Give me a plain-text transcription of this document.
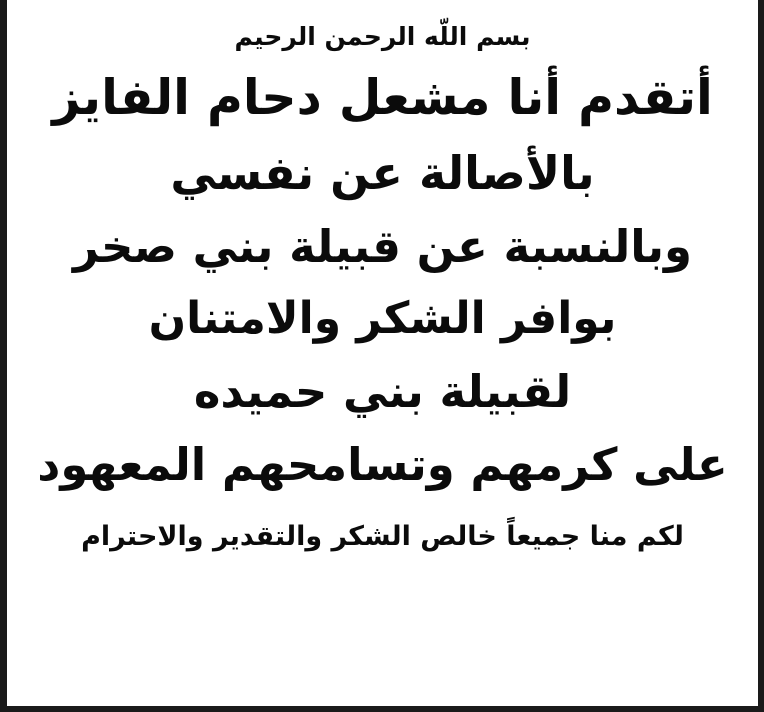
بسم اللّه الرحمن الرحيم
أتقدم أنا مشعل دحام الفايز
بالأصالة عن نفسي
وبالنسبة عن قبيلة بني صخر
بوافر الشكر والامتنان
لقبيلة بني حميده
على كرمهم وتسامحهم المعهود
لكم منا جميعاً خالص الشكر والتقدير والاحترام
